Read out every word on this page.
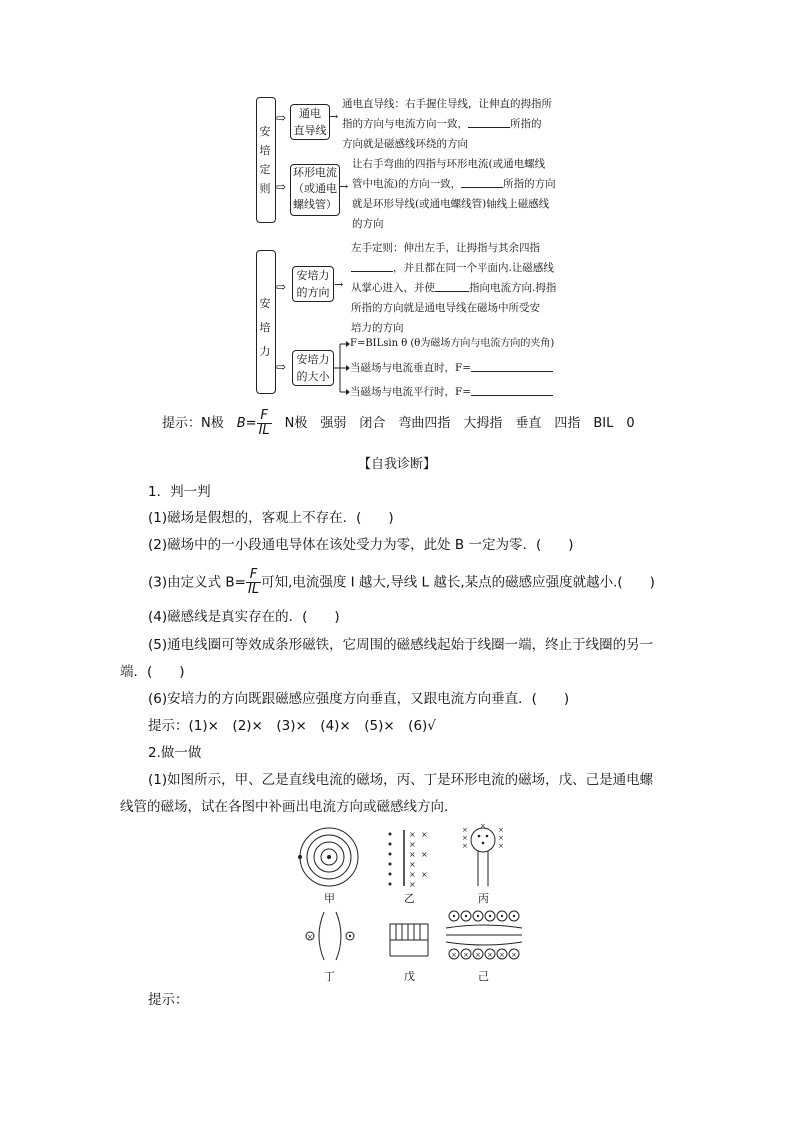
安
培
定
则
⇨	通电
直导线
→
通电直导线：右手握住导线，让伸直的拇指所
指的方向与电流方向一致，	所指的
方向就是磁感线环绕的方向
⇨
环形电流
（或通电
螺线管）
→
让右手弯曲的四指与环形电流(或通电螺线
管中电流)的方向一致，	所指的方向
就是环形导线(或通电螺线管)轴线上磁感线
的方向
安
培
力
⇨
安培力
的方向
→
左手定则：伸出左手，让拇指与其余四指
，并且都在同一个平面内.让磁感线
从掌心进入，并使	指向电流方向.拇指
所指的方向就是通电导线在磁场中所受安
培力的方向
⇨
安培力
的大小
F=BILsin θ (θ为磁场方向与电流方向的夹角)
当磁场与电流垂直时，F=
当磁场与电流平行时，F=
提示：N极　 $B= \frac{F}{IL}$
　 N极　强弱　闭合　弯曲四指　大拇指　垂直　四指　BIL　0
【自我诊断】
1．判一判
(1)磁场是假想的，客观上不存在．(　　)
(2)磁场中的一小段通电导体在该处受力为零，此处 B 一定为零．(　　)
(3)由定义式 $B= \frac{F}{IL}$ 可知,电流强度 I 越大,导线 L 越长,某点的磁感应强度就越小.(　　)
(4)磁感线是真实存在的．(　　)
(5)通电线圈可等效成条形磁铁，它周围的磁感线起始于线圈一端，终止于线圈的另一
端．(　　)
(6)安培力的方向既跟磁感应强度方向垂直，又跟电流方向垂直．(　　)
提示：(1)×　(2)×　(3)×　(4)×　(5)×　(6)√
2.做一做
(1)如图所示，甲、乙是直线电流的磁场，丙、丁是环形电流的磁场，戊、己是通电螺
线管的磁场，试在各图中补画出电流方向或磁感线方向．
甲
×
×
×
×
×
×
×
×
×
乙
×
×
×
×
×
×
×
丙
×
丁	戊
× × × × × ×
己
提示：
